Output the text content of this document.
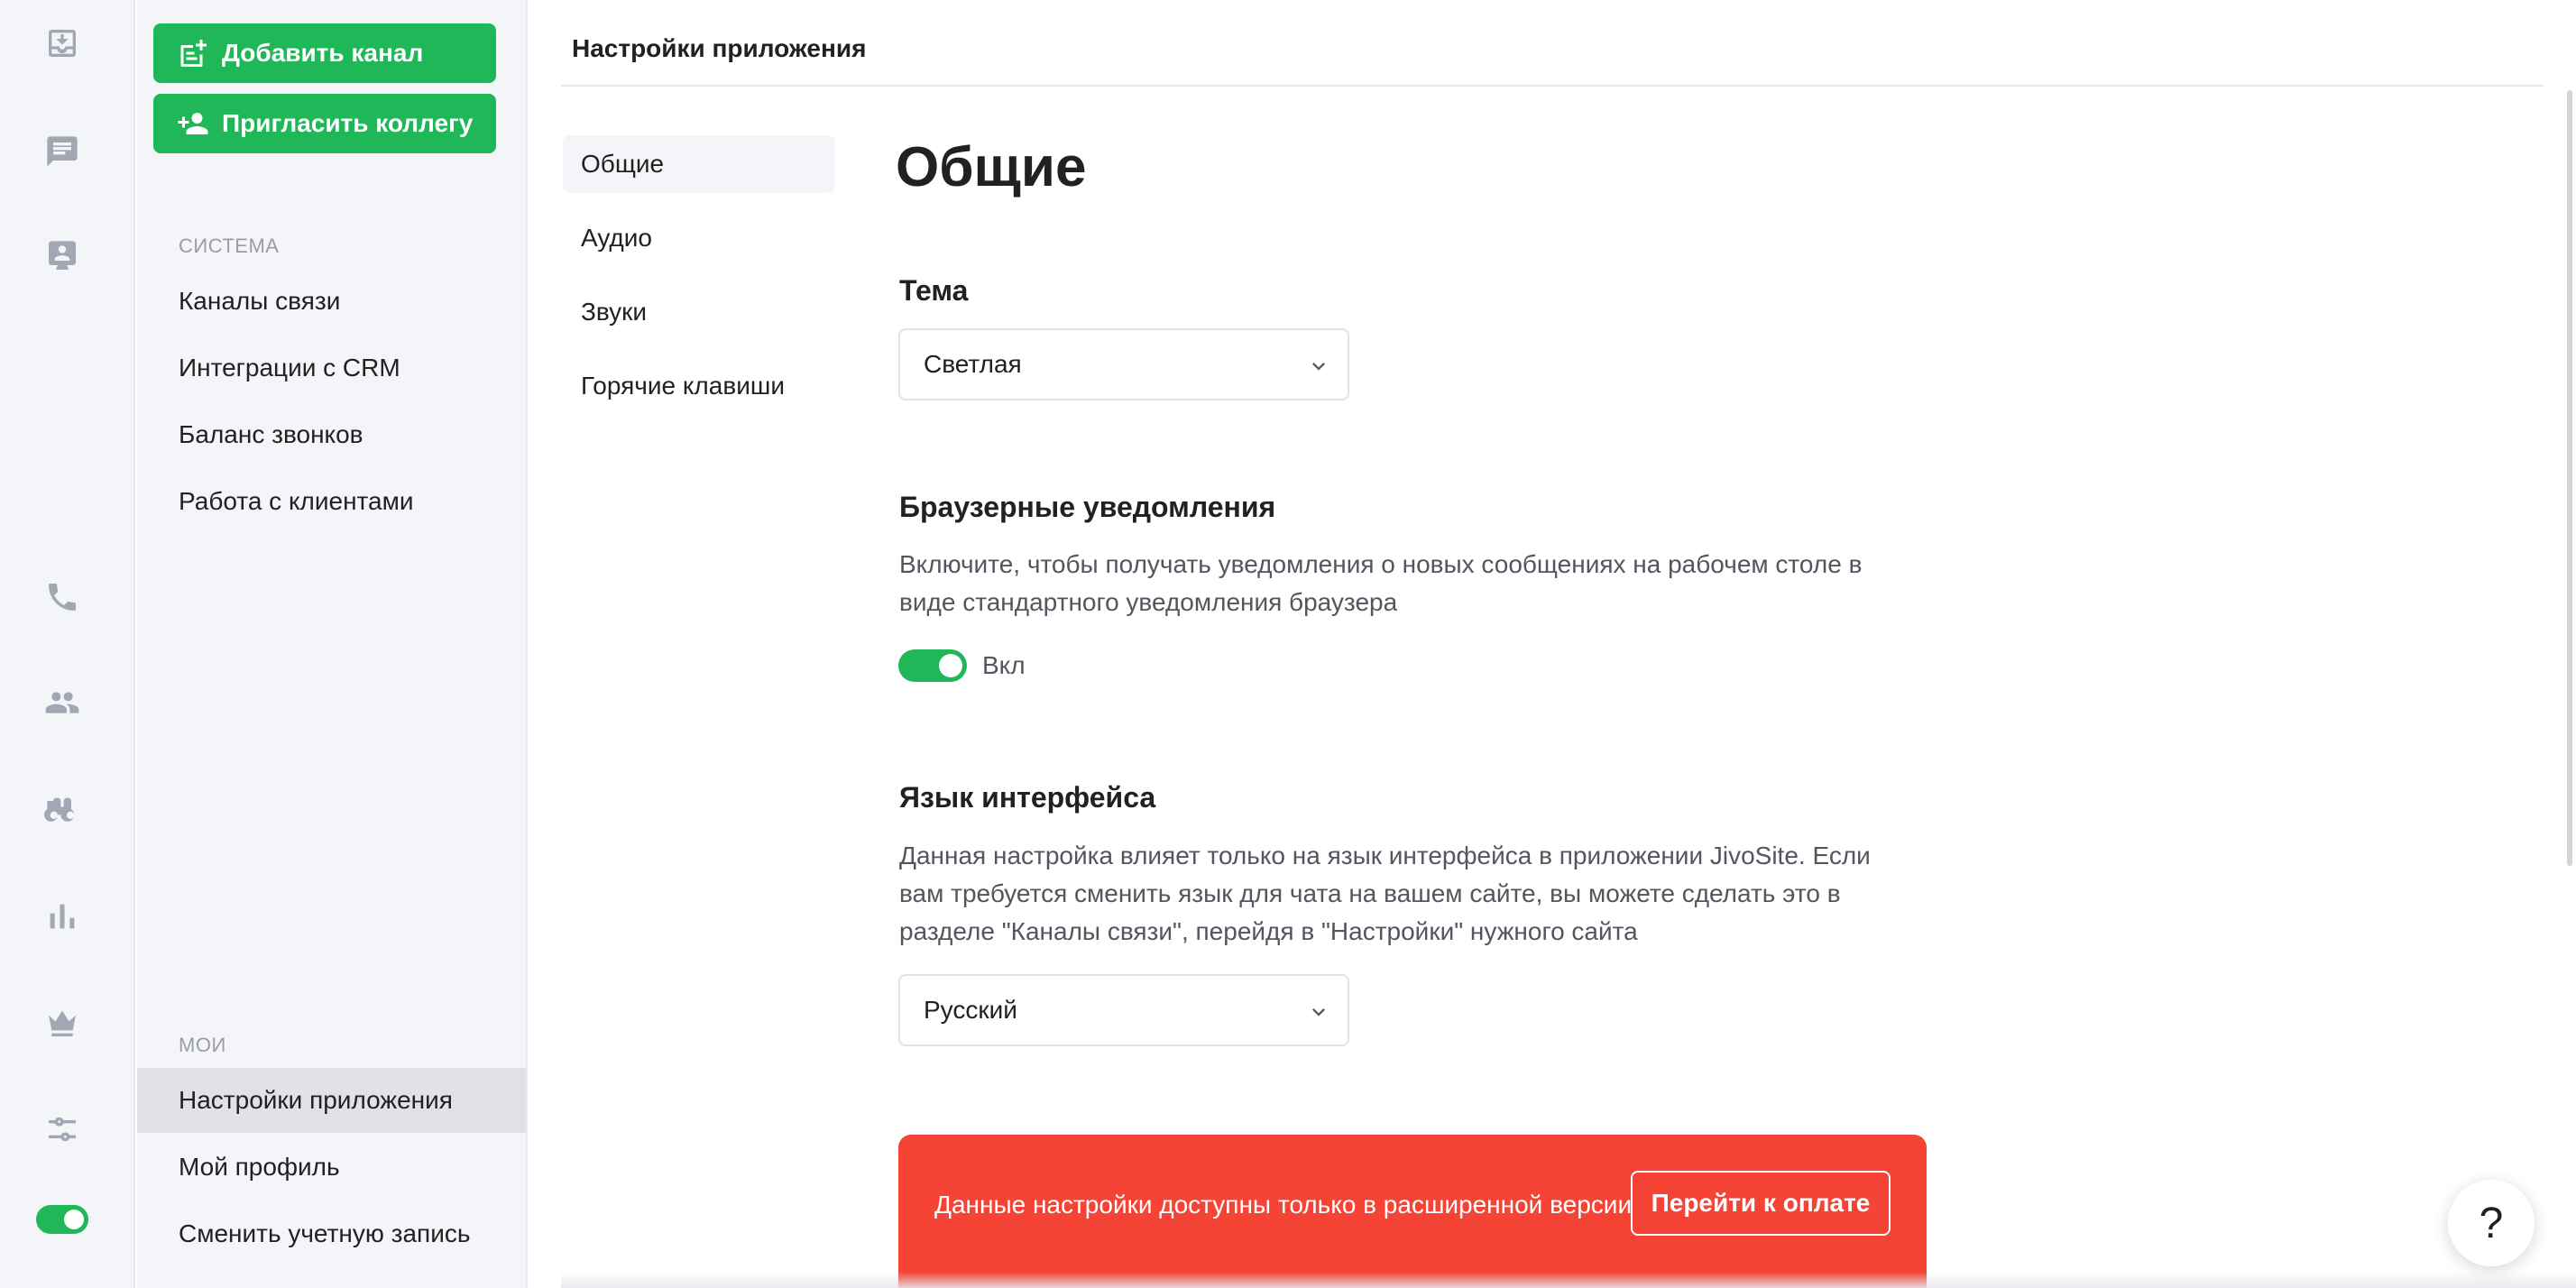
Добавить канал
Пригласить коллегу
СИСТЕМА
Каналы связи
Интеграции с CRM
Баланс звонков
Работа с клиентами
МОИ
Настройки приложения
Мой профиль
Сменить учетную запись
Настройки приложения
Общие
Аудио
Звуки
Горячие клавиши
Общие
Тема
Светлая
Браузерные уведомления
Включите, чтобы получать уведомления о новых сообщениях на рабочем столе в виде стандартного уведомления браузера
Вкл
Язык интерфейса
Данная настройка влияет только на язык интерфейса в приложении JivoSite. Если вам требуется сменить язык для чата на вашем сайте, вы можете сделать это в разделе "Каналы связи", перейдя в "Настройки" нужного сайта
Русский
Данные настройки доступны только в расширенной версии Перейти к оплате	?
